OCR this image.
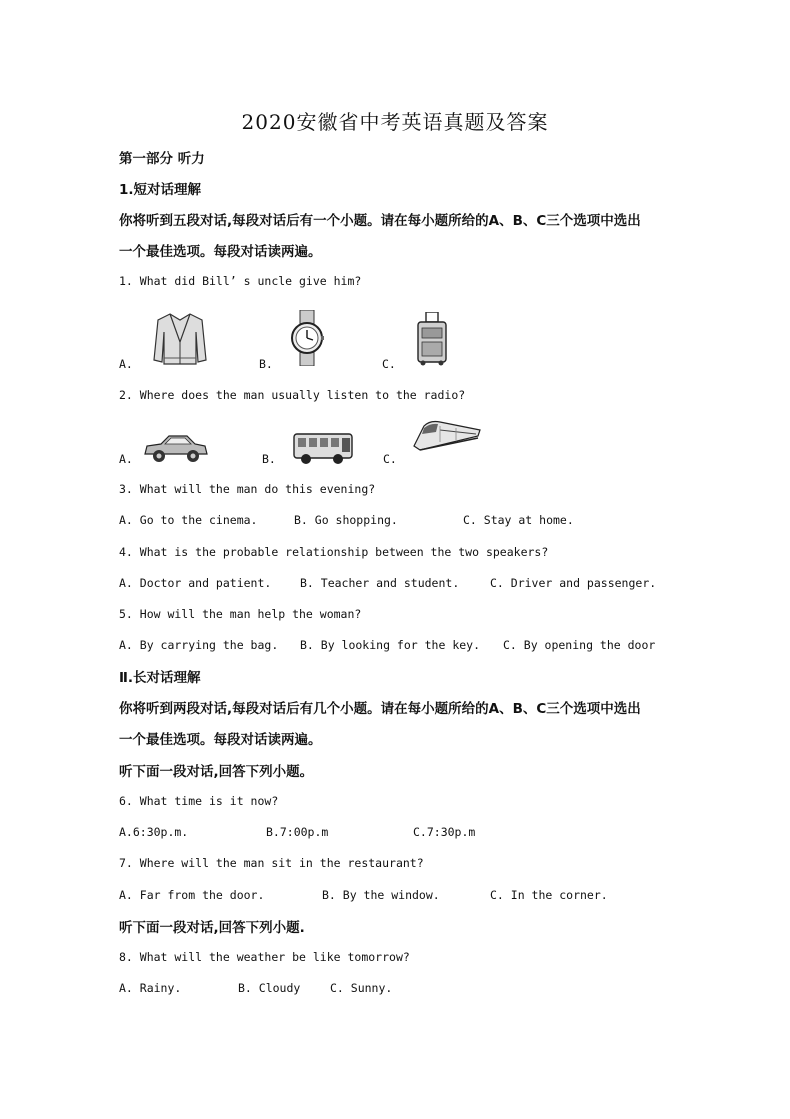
2020安徽省中考英语真题及答案
第一部分 听力
1.短对话理解
你将听到五段对话,每段对话后有一个小题。请在每小题所给的A、B、C三个选项中选出
一个最佳选项。每段对话读两遍。
1. What did Bill’ s uncle give him?
A.	B.	C.
2. Where does the man usually listen to the radio?
A.	B.	C.
3. What will the man do this evening?
A. Go to the cinema.	B. Go shopping.	C. Stay at home.
4. What is the probable relationship between the two speakers?
A. Doctor and patient. B. Teacher and student.	C. Driver and passenger.
5. How will the man help the woman?
A. By carrying the bag. B. By looking for the key. C. By opening the door
Ⅱ.长对话理解
你将听到两段对话,每段对话后有几个小题。请在每小题所给的A、B、C三个选项中选出
一个最佳选项。每段对话读两遍。
听下面一段对话,回答下列小题。
6. What time is it now?
A.6:30p.m.	B.7:00p.m	C.7:30p.m
7. Where will the man sit in the restaurant?
A. Far from the door.	B. By the window.	C. In the corner.
听下面一段对话,回答下列小题.
8. What will the weather be like tomorrow?
A. Rainy.	B. Cloudy	C. Sunny.
